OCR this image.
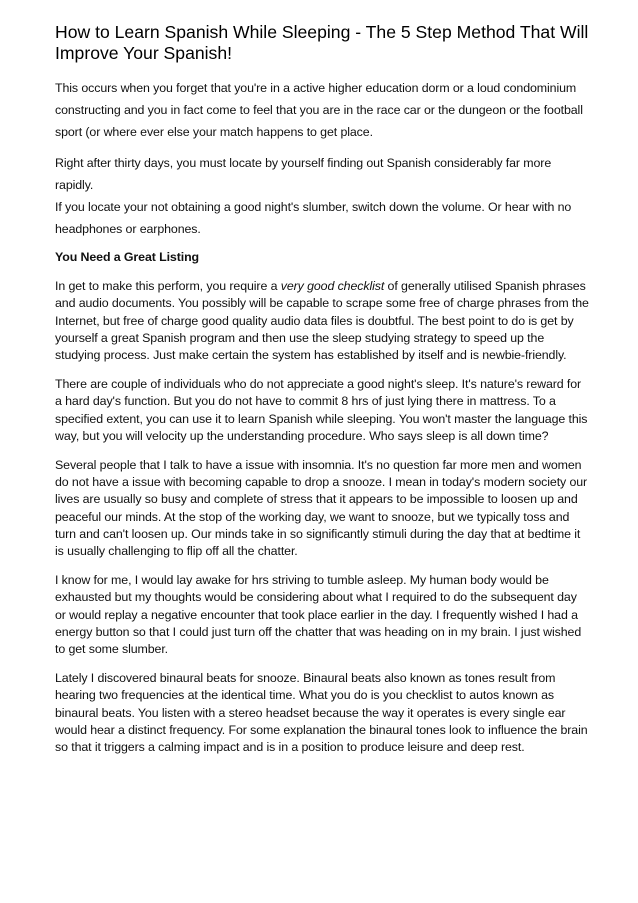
How to Learn Spanish While Sleeping - The 5 Step Method That Will Improve Your Spanish!

This occurs when you forget that you're in a active higher education dorm or a loud condominium constructing and you in fact come to feel that you are in the race car or the dungeon or the football sport (or where ever else your match happens to get place.

Right after thirty days, you must locate by yourself finding out Spanish considerably far more rapidly.

If you locate your not obtaining a good night's slumber, switch down the volume. Or hear with no headphones or earphones.

You Need a Great Listing

In get to make this perform, you require a very good checklist of generally utilised Spanish phrases and audio documents. You possibly will be capable to scrape some free of charge phrases from the Internet, but free of charge good quality audio data files is doubtful. The best point to do is get by yourself a great Spanish program and then use the sleep studying strategy to speed up the studying process. Just make certain the system has established by itself and is newbie-friendly.

There are couple of individuals who do not appreciate a good night's sleep. It's nature's reward for a hard day's function. But you do not have to commit 8 hrs of just lying there in mattress. To a specified extent, you can use it to learn Spanish while sleeping. You won't master the language this way, but you will velocity up the understanding procedure. Who says sleep is all down time?

Several people that I talk to have a issue with insomnia. It's no question far more men and women do not have a issue with becoming capable to drop a snooze. I mean in today's modern society our lives are usually so busy and complete of stress that it appears to be impossible to loosen up and peaceful our minds. At the stop of the working day, we want to snooze, but we typically toss and turn and can't loosen up. Our minds take in so significantly stimuli during the day that at bedtime it is usually challenging to flip off all the chatter.

I know for me, I would lay awake for hrs striving to tumble asleep. My human body would be exhausted but my thoughts would be considering about what I required to do the subsequent day or would replay a negative encounter that took place earlier in the day. I frequently wished I had a energy button so that I could just turn off the chatter that was heading on in my brain. I just wished to get some slumber.

Lately I discovered binaural beats for snooze. Binaural beats also known as tones result from hearing two frequencies at the identical time. What you do is you checklist to autos known as binaural beats. You listen with a stereo headset because the way it operates is every single ear would hear a distinct frequency. For some explanation the binaural tones look to influence the brain so that it triggers a calming impact and is in a position to produce leisure and deep rest.
